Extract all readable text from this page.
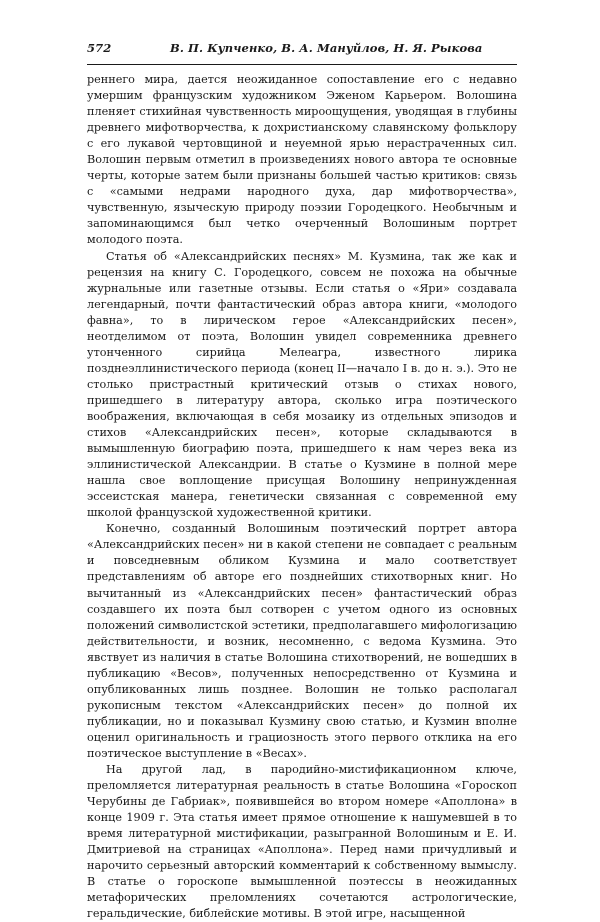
572	В. П. Купченко, В. А. Мануйлов, Н. Я. Рыкова

реннего мира, дается неожиданное сопоставление его с недавно умершим французским художником Эженом Карьером. Волошина пленяет стихийная чувственность мироощущения, уводящая в глубины древнего мифотворчества, к дохристианскому славянскому фольклору с его лукавой чертовщиной и неуемной ярью нерастраченных сил. Волошин первым отметил в произведениях нового автора те основные черты, которые затем были признаны большей частью критиков: связь с «самыми недрами народного духа, дар мифотворчества», чувственную, языческую природу поэзии Городецкого. Необычным и запоминающимся был четко очерченный Волошиным портрет молодого поэта.

Статья об «Александрийских песнях» М. Кузмина, так же как и рецензия на книгу С. Городецкого, совсем не похожа на обычные журнальные или газетные отзывы. Если статья о «Яри» создавала легендарный, почти фантастический образ автора книги, «молодого фавна», то в лирическом герое «Александрийских песен», неотделимом от поэта, Волошин увидел современника древнего утонченного сирийца Мелеагра, известного лирика позднеэллинистического периода (конец II—начало I в. до н. э.). Это не столько пристрастный критический отзыв о стихах нового, пришедшего в литературу автора, сколько игра поэтического воображения, включающая в себя мозаику из отдельных эпизодов и стихов «Александрийских песен», которые складываются в вымышленную биографию поэта, пришедшего к нам через века из эллинистической Александрии. В статье о Кузмине в полной мере нашла свое воплощение присущая Волошину непринужденная эссеистская манера, генетически связанная с современной ему школой французской художественной критики.

Конечно, созданный Волошиным поэтический портрет автора «Александрийских песен» ни в какой степени не совпадает с реальным и повседневным обликом Кузмина и мало соответствует представлениям об авторе его позднейших стихотворных книг. Но вычитанный из «Александрийских песен» фантастический образ создавшего их поэта был сотворен с учетом одного из основных положений символистской эстетики, предполагавшего мифологизацию действительности, и возник, несомненно, с ведома Кузмина. Это явствует из наличия в статье Волошина стихотворений, не вошедших в публикацию «Весов», полученных непосредственно от Кузмина и опубликованных лишь позднее. Волошин не только располагал рукописным текстом «Александрийских песен» до полной их публикации, но и показывал Кузмину свою статью, и Кузмин вполне оценил оригинальность и грациозность этого первого отклика на его поэтическое выступление в «Весах».

На другой лад, в пародийно-мистификационном ключе, преломляется литературная реальность в статье Волошина «Гороскоп Черубины де Габриак», появившейся во втором номере «Аполлона» в конце 1909 г. Эта статья имеет прямое отношение к нашумевшей в то время литературной мистификации, разыгранной Волошиным и Е. И. Дмитриевой на страницах «Аполлона». Перед нами причудливый и нарочито серьезный авторский комментарий к собственному вымыслу. В статье о гороскопе вымышленной поэтессы в неожиданных метафорических преломлениях сочетаются астрологические, геральдические, библейские мотивы. В этой игре, насыщенной
